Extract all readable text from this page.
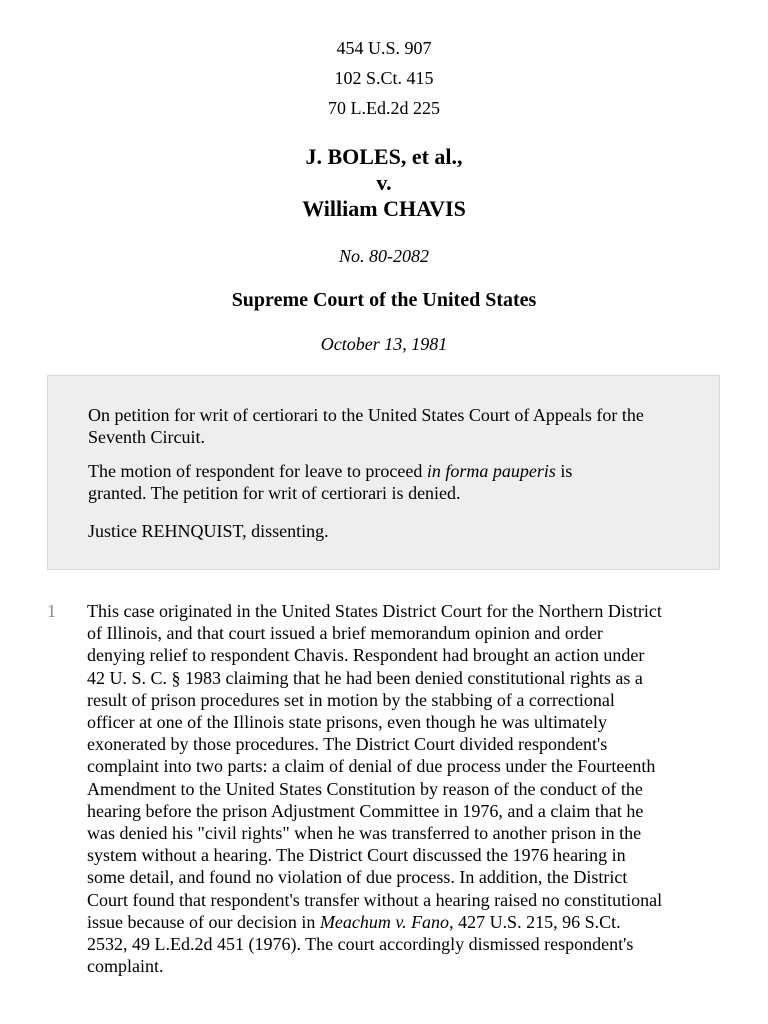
454 U.S. 907
102 S.Ct. 415
70 L.Ed.2d 225
J. BOLES, et al.,
v.
William CHAVIS
No. 80-2082
Supreme Court of the United States
October 13, 1981

On petition for writ of certiorari to the United States Court of Appeals for the Seventh Circuit.

The motion of respondent for leave to proceed in forma pauperis is
granted. The petition for writ of certiorari is denied.

Justice REHNQUIST, dissenting.

1 This case originated in the United States District Court for the Northern District
of Illinois, and that court issued a brief memorandum opinion and order
denying relief to respondent Chavis. Respondent had brought an action under
42 U. S. C. § 1983 claiming that he had been denied constitutional rights as a
result of prison procedures set in motion by the stabbing of a correctional
officer at one of the Illinois state prisons, even though he was ultimately
exonerated by those procedures. The District Court divided respondent's
complaint into two parts: a claim of denial of due process under the Fourteenth
Amendment to the United States Constitution by reason of the conduct of the
hearing before the prison Adjustment Committee in 1976, and a claim that he
was denied his "civil rights" when he was transferred to another prison in the
system without a hearing. The District Court discussed the 1976 hearing in
some detail, and found no violation of due process. In addition, the District
Court found that respondent's transfer without a hearing raised no constitutional
issue because of our decision in Meachum v. Fano, 427 U.S. 215, 96 S.Ct.
2532, 49 L.Ed.2d 451 (1976). The court accordingly dismissed respondent's
complaint.
